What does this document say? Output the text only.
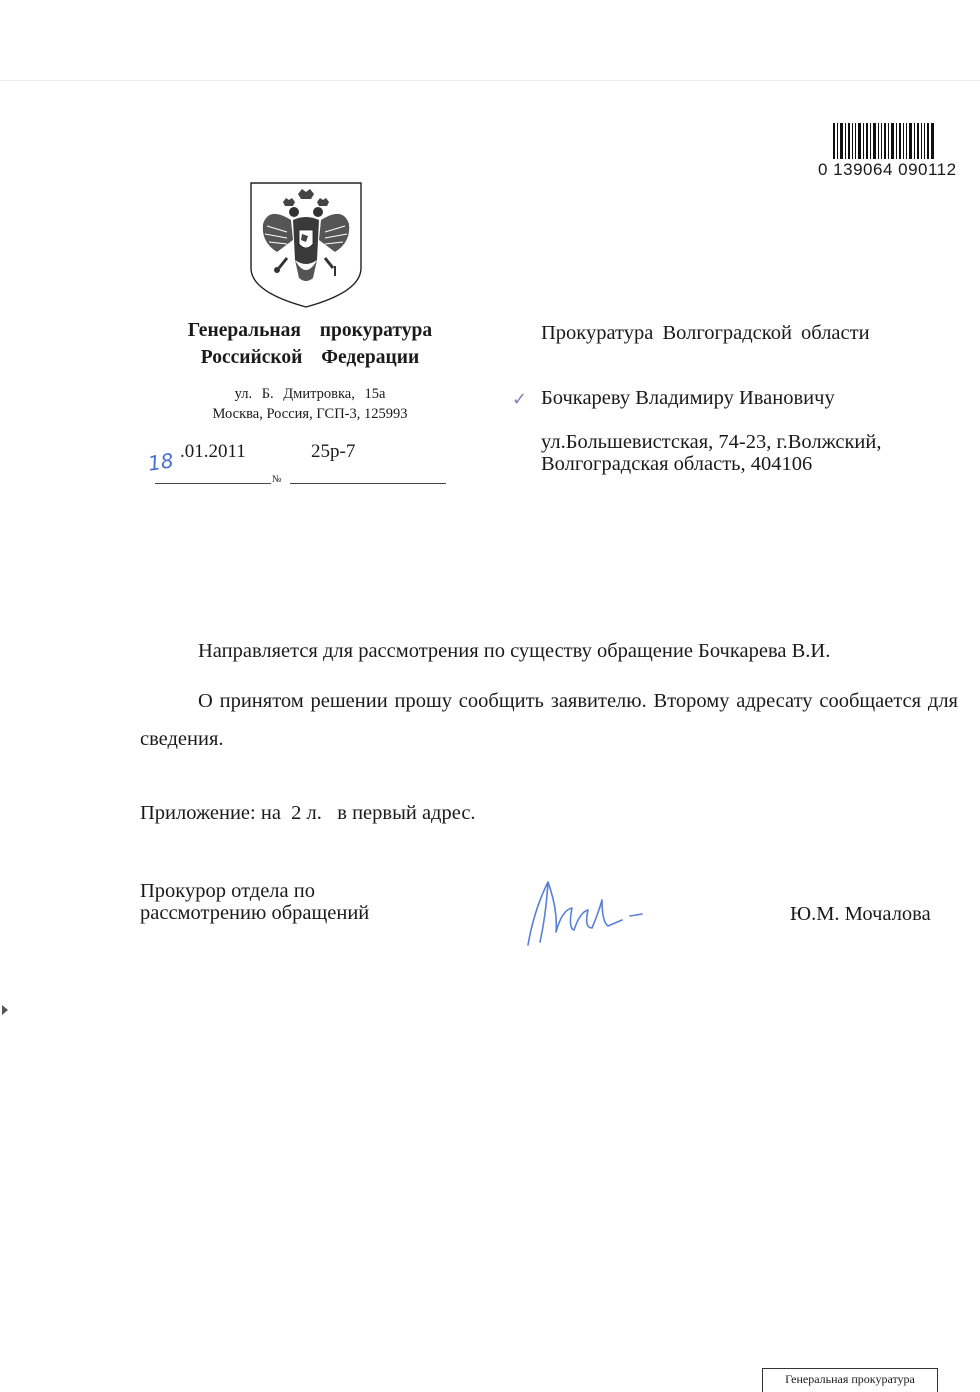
0 139064 090112
Генеральная прокуратура
Российской Федерации
ул. Б. Дмитровка, 15а
Москва, Россия, ГСП-3, 125993
18 .01.2011	25р-7
№
Прокуратура Волгоградской области
✓ Бочкареву Владимиру Ивановичу
ул.Большевистская, 74-23, г.Волжский,
Волгоградская область, 404106
Направляется для рассмотрения по существу обращение Бочкарева В.И.
О принятом решении прошу сообщить заявителю. Второму адресату сообщается для сведения.
Приложение: на  2 л.   в первый адрес.
Прокурор отдела по
рассмотрению обращений	Ю.М. Мочалова
Генеральная прокуратура
